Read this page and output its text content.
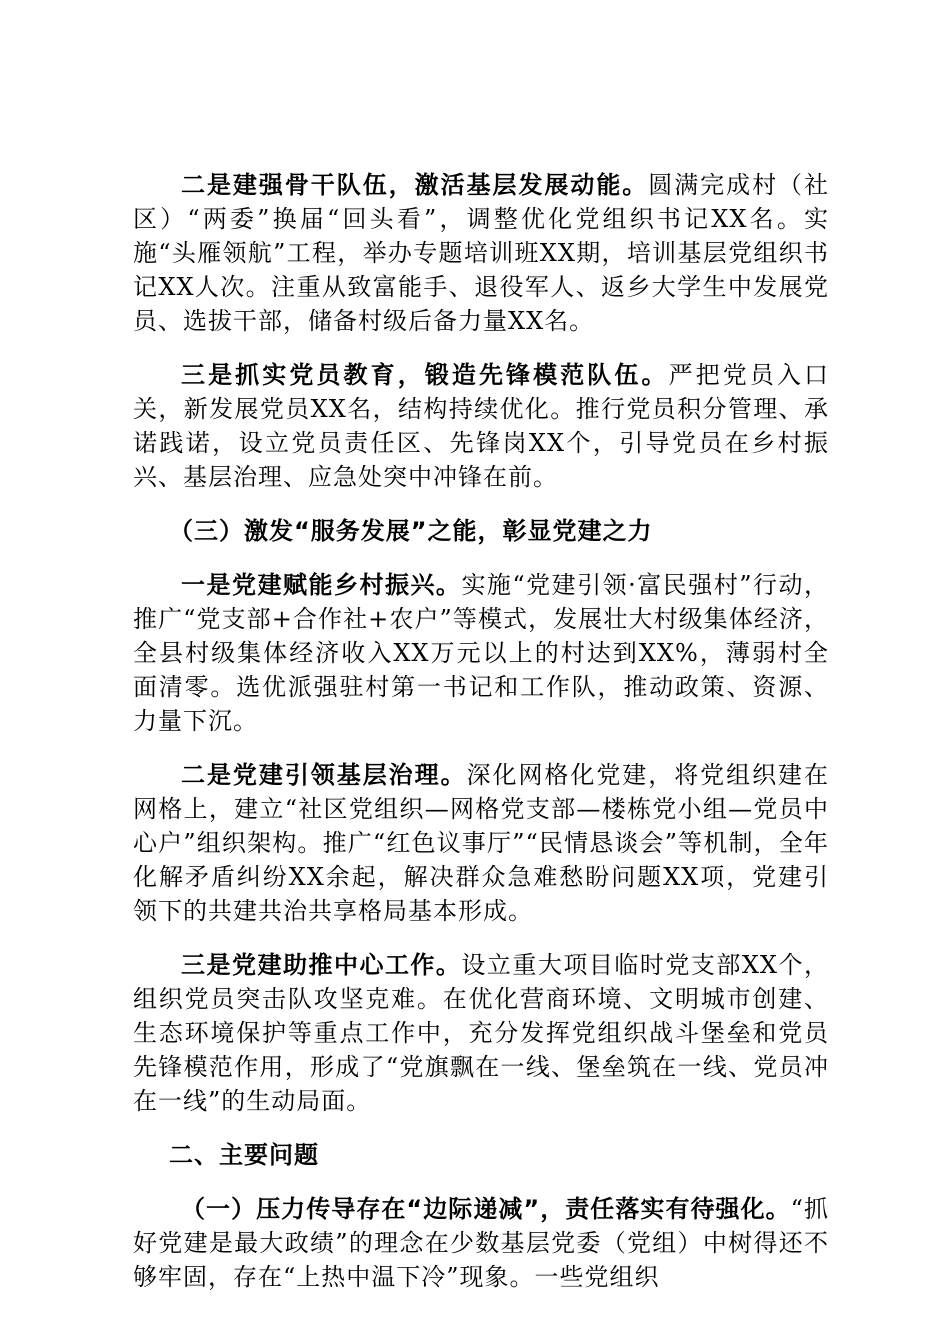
二是建强骨干队伍，激活基层发展动能。圆满完成村（社区）“两委”换届“回头看”，调整优化党组织书记XX名。实施“头雁领航”工程，举办专题培训班XX期，培训基层党组织书记XX人次。注重从致富能手、退役军人、返乡大学生中发展党员、选拔干部，储备村级后备力量XX名。

三是抓实党员教育，锻造先锋模范队伍。严把党员入口关，新发展党员XX名，结构持续优化。推行党员积分管理、承诺践诺，设立党员责任区、先锋岗XX个，引导党员在乡村振兴、基层治理、应急处突中冲锋在前。

（三）激发“服务发展”之能，彰显党建之力

一是党建赋能乡村振兴。实施“党建引领·富民强村”行动，推广“党支部+合作社+农户”等模式，发展壮大村级集体经济，全县村级集体经济收入XX万元以上的村达到XX%，薄弱村全面清零。选优派强驻村第一书记和工作队，推动政策、资源、力量下沉。

二是党建引领基层治理。深化网格化党建，将党组织建在网格上，建立“社区党组织—网格党支部—楼栋党小组—党员中心户”组织架构。推广“红色议事厅”“民情恳谈会”等机制，全年化解矛盾纠纷XX余起，解决群众急难愁盼问题XX项，党建引领下的共建共治共享格局基本形成。

三是党建助推中心工作。设立重大项目临时党支部XX个，组织党员突击队攻坚克难。在优化营商环境、文明城市创建、生态环境保护等重点工作中，充分发挥党组织战斗堡垒和党员先锋模范作用，形成了“党旗飘在一线、堡垒筑在一线、党员冲在一线”的生动局面。

二、主要问题

（一）压力传导存在“边际递减”，责任落实有待强化。“抓好党建是最大政绩”的理念在少数基层党委（党组）中树得还不够牢固，存在“上热中温下冷”现象。一些党组织
